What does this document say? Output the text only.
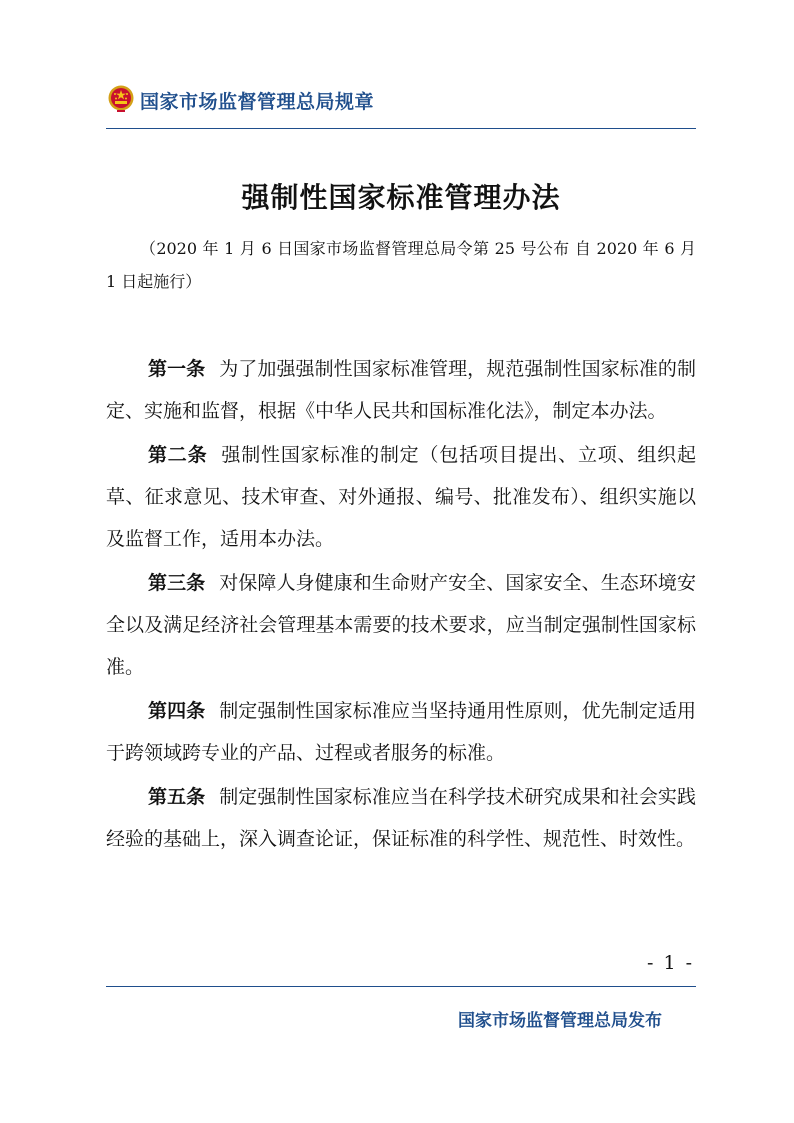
国家市场监督管理总局规章
强制性国家标准管理办法
（2020 年 1 月 6 日国家市场监督管理总局令第 25 号公布 自 2020 年 6 月 1 日起施行）

第一条 为了加强强制性国家标准管理，规范强制性国家标准的制定、实施和监督，根据《中华人民共和国标准化法》，制定本办法。

第二条 强制性国家标准的制定（包括项目提出、立项、组织起草、征求意见、技术审查、对外通报、编号、批准发布）、组织实施以及监督工作，适用本办法。

第三条 对保障人身健康和生命财产安全、国家安全、生态环境安全以及满足经济社会管理基本需要的技术要求，应当制定强制性国家标准。

第四条 制定强制性国家标准应当坚持通用性原则，优先制定适用于跨领域跨专业的产品、过程或者服务的标准。

第五条 制定强制性国家标准应当在科学技术研究成果和社会实践经验的基础上，深入调查论证，保证标准的科学性、规范性、时效性。

- 1 -
国家市场监督管理总局发布
